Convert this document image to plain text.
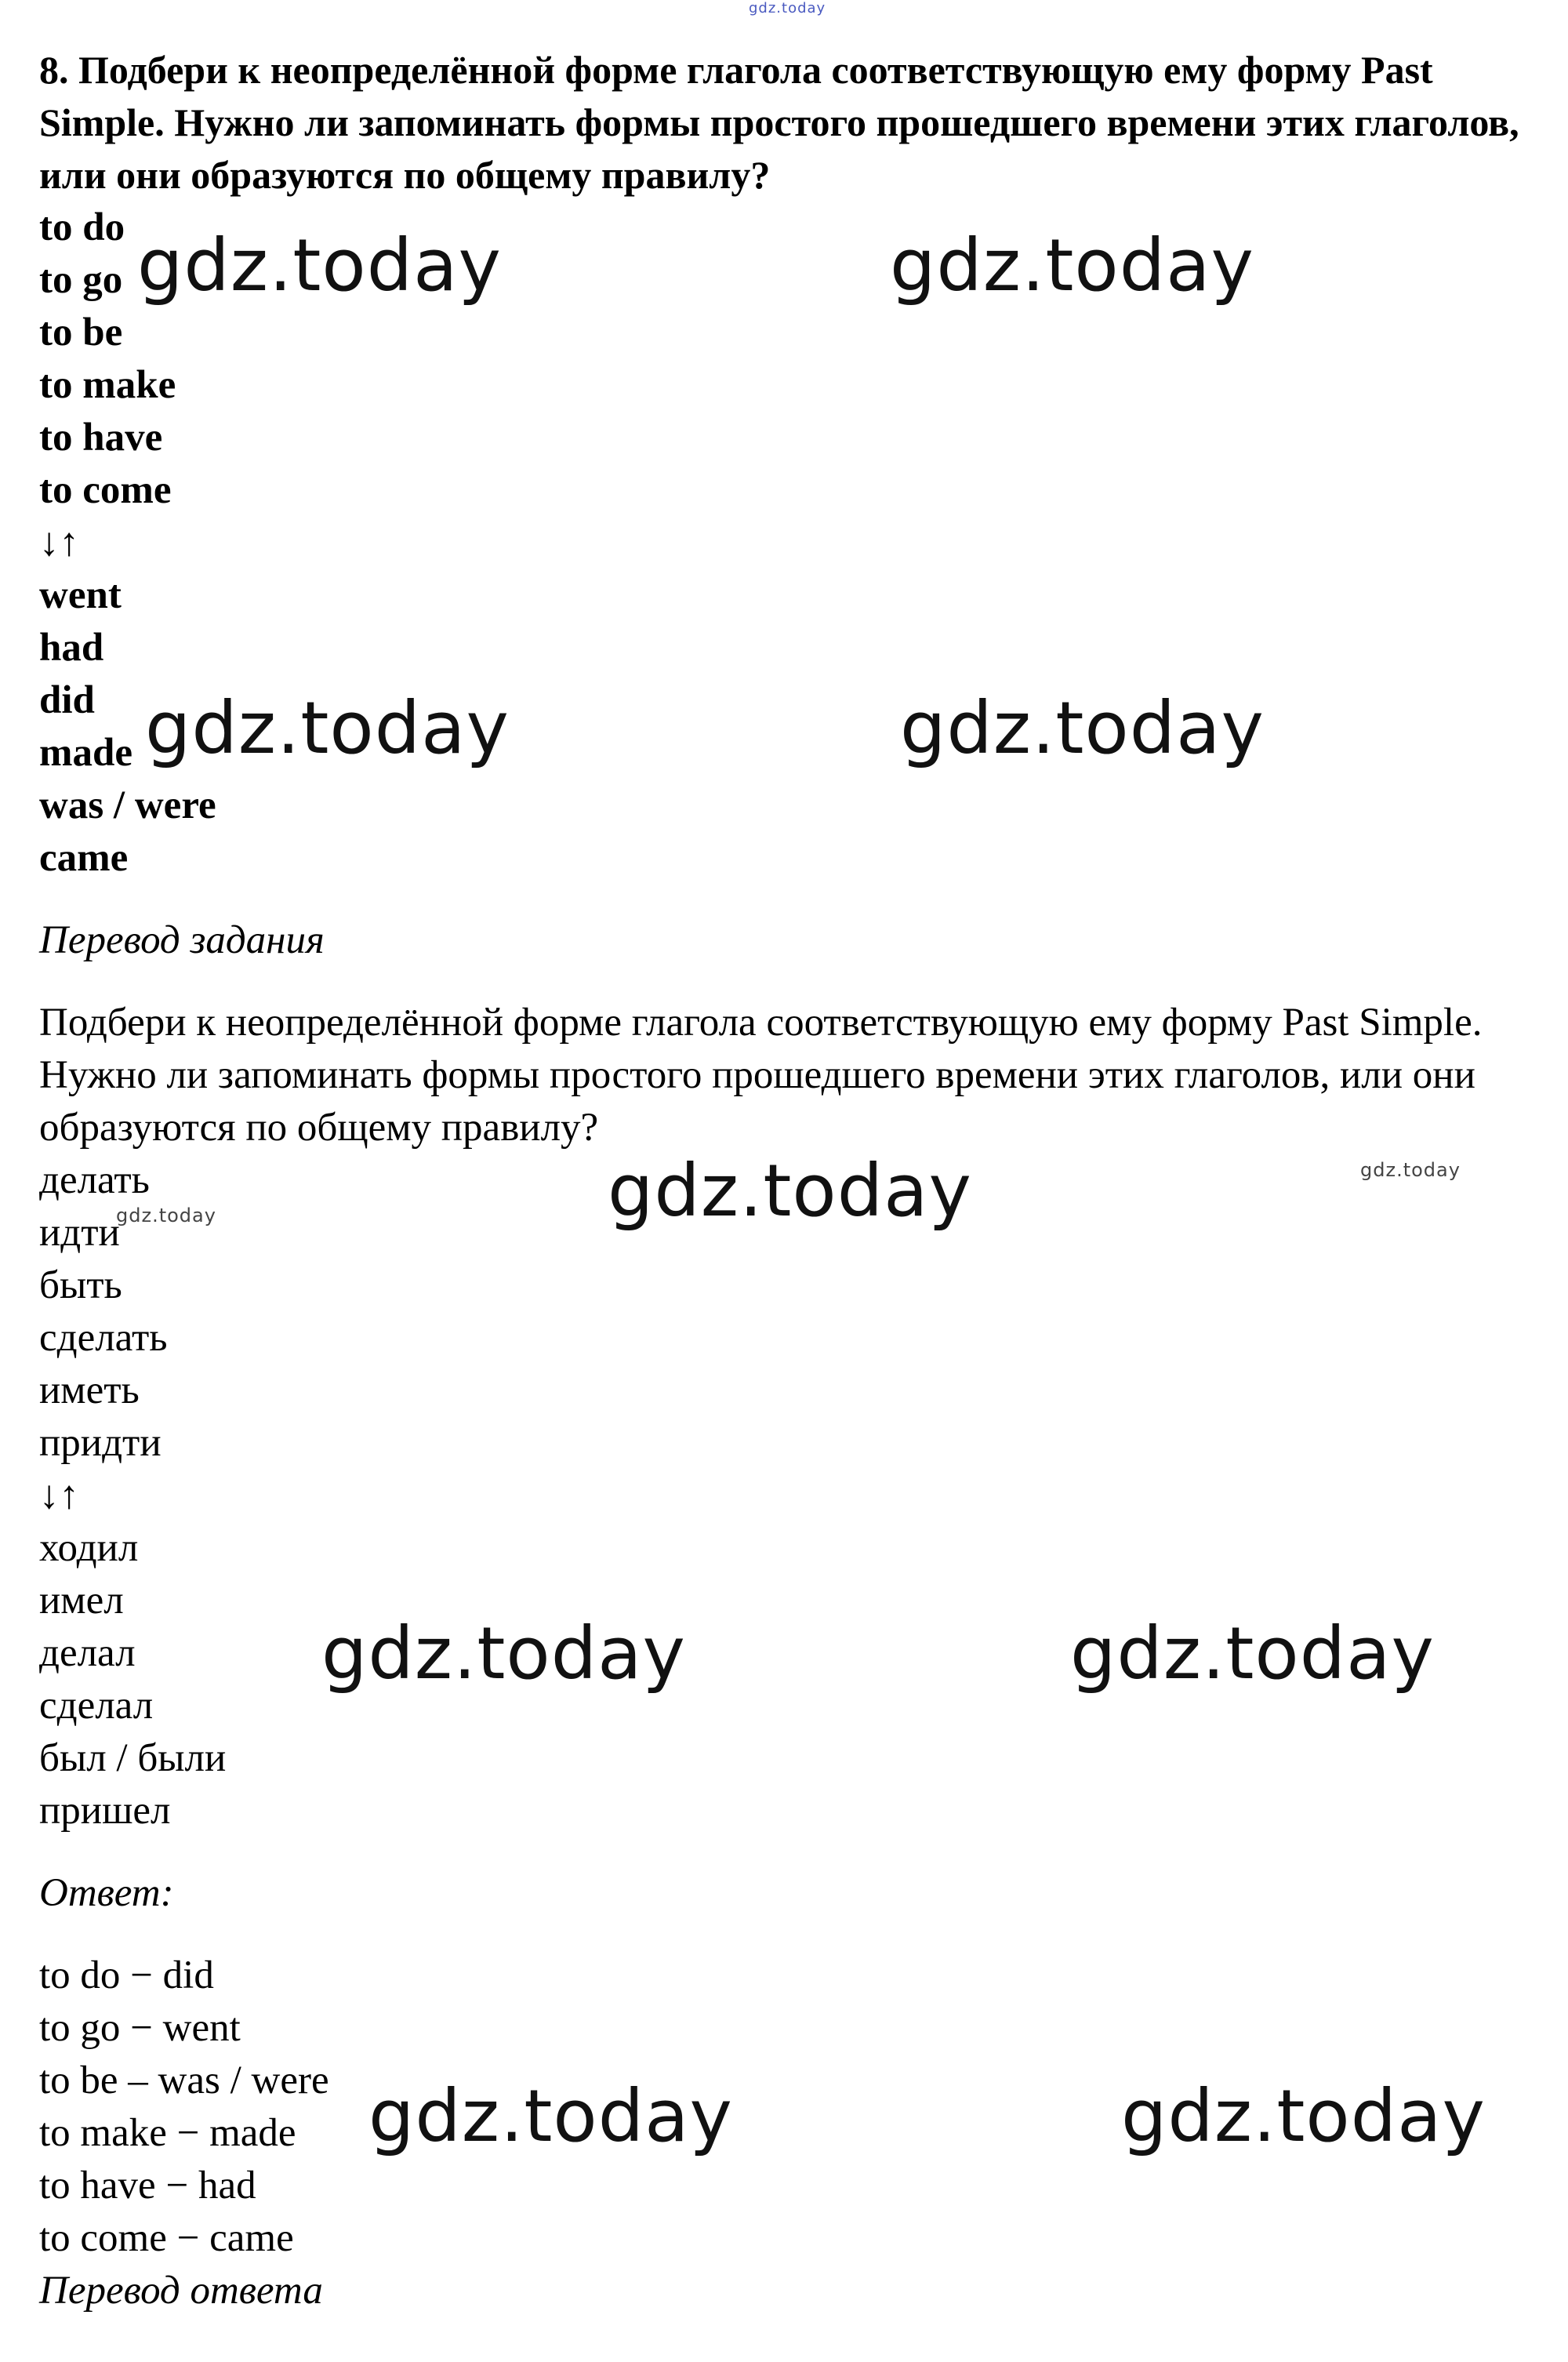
8. Подбери к неопределённой форме глагола соответствующую ему форму Past Simple. Нужно ли запоминать формы простого прошедшего времени этих глаголов, или они образуются по общему правилу?

to do

to go

to be

to make

to have

to come

↓↑

went

had

did

made

was / were

came

Перевод задания

Подбери к неопределённой форме глагола соответствующую ему форму Past Simple. Нужно ли запоминать формы простого прошедшего времени этих глаголов, или они образуются по общему правилу?

делать

идти

быть

сделать

иметь

придти

↓↑

ходил

имел

делал

сделал

был / были

пришел

Ответ:

to do − did

to go − went

to be – was / were

to make − made

to have − had

to come − came

Перевод ответа

gdz.today
gdz.today	gdz.today
gdz.today	gdz.today
gdz.today
gdz.today	gdz.today
gdz.today	gdz.today
gdz.today	gdz.today
